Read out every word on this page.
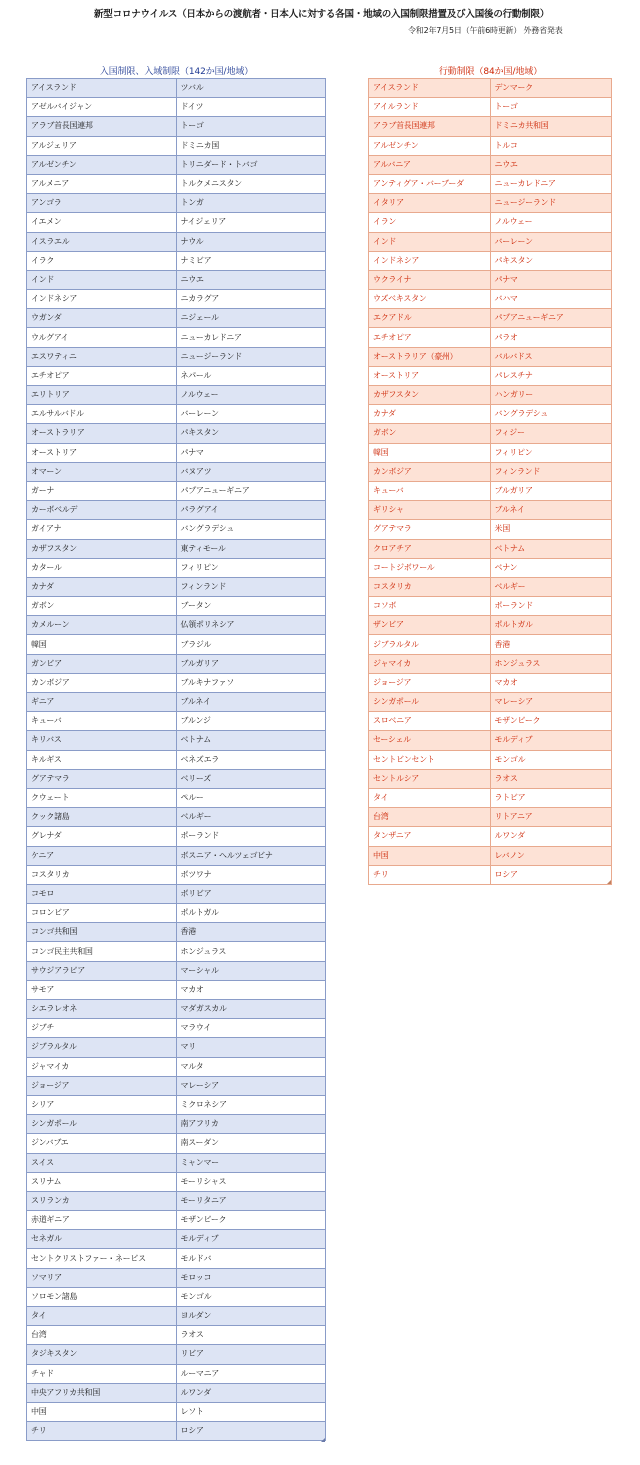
新型コロナウイルス（日本からの渡航者・日本人に対する各国・地域の入国制限措置及び入国後の行動制限）
令和2年7月5日（午前6時更新） 外務省発表
入国制限、入域制限（142か国/地域）
アイスランド	ツバル
アゼルバイジャン	ドイツ
アラブ首長国連邦	トーゴ
アルジェリア	ドミニカ国
アルゼンチン	トリニダード・トバゴ
アルメニア	トルクメニスタン
アンゴラ	トンガ
イエメン	ナイジェリア
イスラエル	ナウル
イラク	ナミビア
インド	ニウエ
インドネシア	ニカラグア
ウガンダ	ニジェール
ウルグアイ	ニューカレドニア
エスワティニ	ニュージーランド
エチオピア	ネパール
エリトリア	ノルウェー
エルサルバドル	バーレーン
オーストラリア	パキスタン
オーストリア	パナマ
オマーン	バヌアツ
ガーナ	パプアニューギニア
カーボベルデ	パラグアイ
ガイアナ	バングラデシュ
カザフスタン	東ティモール
カタール	フィリピン
カナダ	フィンランド
ガボン	ブータン
カメルーン	仏領ポリネシア
韓国	ブラジル
ガンビア	ブルガリア
カンボジア	ブルキナファソ
ギニア	ブルネイ
キューバ	ブルンジ
キリバス	ベトナム
キルギス	ベネズエラ
グアテマラ	ベリーズ
クウェート	ペルー
クック諸島	ベルギー
グレナダ	ポーランド
ケニア	ボスニア・ヘルツェゴビナ
コスタリカ	ボツワナ
コモロ	ボリビア
コロンビア	ポルトガル
コンゴ共和国	香港
コンゴ民主共和国	ホンジュラス
サウジアラビア	マーシャル
サモア	マカオ
シエラレオネ	マダガスカル
ジブチ	マラウイ
ジブラルタル	マリ
ジャマイカ	マルタ
ジョージア	マレーシア
シリア	ミクロネシア
シンガポール	南アフリカ
ジンバブエ	南スーダン
スイス	ミャンマー
スリナム	モーリシャス
スリランカ	モーリタニア
赤道ギニア	モザンビーク
セネガル	モルディブ
セントクリストファー・ネービス	モルドバ
ソマリア	モロッコ
ソロモン諸島	モンゴル
タイ	ヨルダン
台湾	ラオス
タジキスタン	リビア
チャド	ルーマニア
中央アフリカ共和国	ルワンダ
中国	レソト
チリ	ロシア
行動制限（84か国/地域）
アイスランド	デンマーク
アイルランド	トーゴ
アラブ首長国連邦	ドミニカ共和国
アルゼンチン	トルコ
アルバニア	ニウエ
アンティグア・バーブーダ	ニューカレドニア
イタリア	ニュージーランド
イラン	ノルウェー
インド	バーレーン
インドネシア	パキスタン
ウクライナ	パナマ
ウズベキスタン	バハマ
エクアドル	パプアニューギニア
エチオピア	パラオ
オーストラリア（豪州）	バルバドス
オーストリア	パレスチナ
カザフスタン	ハンガリー
カナダ	バングラデシュ
ガボン	フィジー
韓国	フィリピン
カンボジア	フィンランド
キューバ	ブルガリア
ギリシャ	ブルネイ
グアテマラ	米国
クロアチア	ベトナム
コートジボワール	ベナン
コスタリカ	ベルギー
コソボ	ポーランド
ザンビア	ポルトガル
ジブラルタル	香港
ジャマイカ	ホンジュラス
ジョージア	マカオ
シンガポール	マレーシア
スロベニア	モザンビーク
セーシェル	モルディブ
セントビンセント	モンゴル
セントルシア	ラオス
タイ	ラトビア
台湾	リトアニア
タンザニア	ルワンダ
中国	レバノン
チリ	ロシア
